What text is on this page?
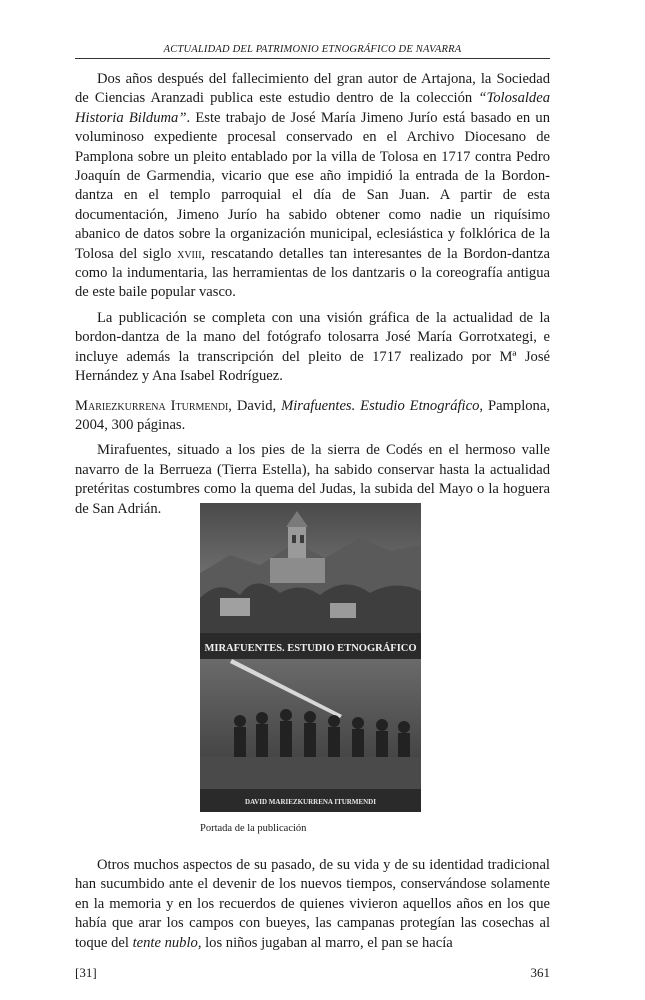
ACTUALIDAD DEL PATRIMONIO ETNOGRÁFICO DE NAVARRA

Dos años después del fallecimiento del gran autor de Artajona, la Sociedad de Ciencias Aranzadi publica este estudio dentro de la colección “Tolosaldea Historia Bilduma”. Este trabajo de José María Jimeno Jurío está basado en un voluminoso expediente procesal conservado en el Archivo Diocesano de Pamplona sobre un pleito entablado por la villa de Tolosa en 1717 contra Pedro Joaquín de Garmendia, vicario que ese año impidió la entrada de la Bordon-dantza en el templo parroquial el día de San Juan. A partir de esta documentación, Jimeno Jurío ha sabido obtener como nadie un riquísimo abanico de datos sobre la organización municipal, eclesiástica y folklórica de la Tolosa del siglo xviii, rescatando detalles tan interesantes de la Bordon-dantza como la indumentaria, las herramientas de los dantzaris o la coreografía antigua de este baile popular vasco.

La publicación se completa con una visión gráfica de la actualidad de la bordon-dantza de la mano del fotógrafo tolosarra José María Gorrotxategi, e incluye además la transcripción del pleito de 1717 realizado por Mª José Hernández y Ana Isabel Rodríguez.

Mariezkurrena Iturmendi, David, Mirafuentes. Estudio Etnográfico, Pamplona, 2004, 300 páginas.

Mirafuentes, situado a los pies de la sierra de Codés en el hermoso valle navarro de la Berrueza (Tierra Estella), ha sabido conservar hasta la actualidad pretéritas costumbres como la quema del Judas, la subida del Mayo o la hoguera de San Adrián.

MIRAFUENTES. ESTUDIO ETNOGRÁFICO
DAVID MARIEZKURRENA ITURMENDI
Portada de la publicación

Otros muchos aspectos de su pasado, de su vida y de su identidad tradicional han sucumbido ante el devenir de los nuevos tiempos, conservándose solamente en la memoria y en los recuerdos de quienes vivieron aquellos años en los que había que arar los campos con bueyes, las campanas protegían las cosechas al toque del tente nublo, los niños jugaban al marro, el pan se hacía

[31]	361
